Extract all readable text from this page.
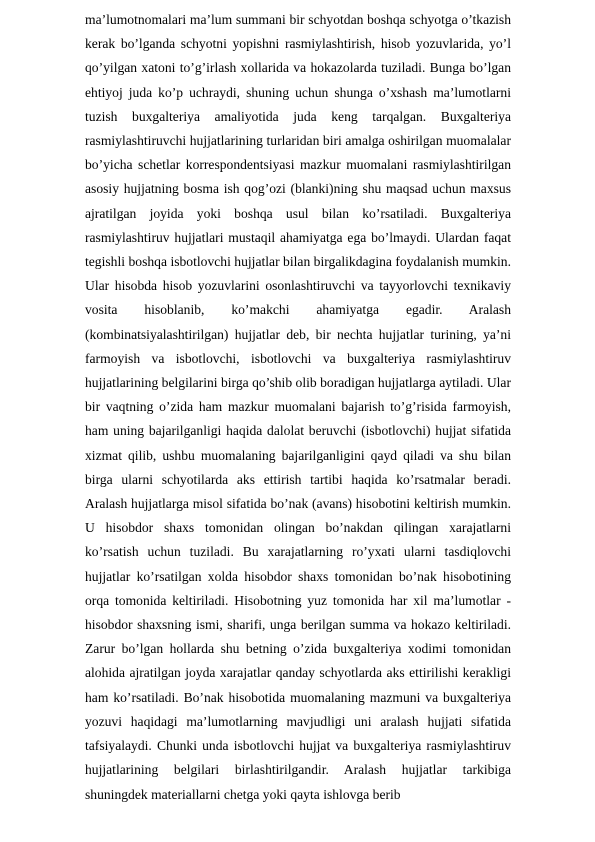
ma’lumotnomalari ma’lum summani bir schyotdan boshqa schyotga o’tkazish kerak bo’lganda schyotni yopishni rasmiylashtirish, hisob yozuvlarida, yo’l qo’yilgan xatoni to’g’irlash xollarida va hokazolarda tuziladi. Bunga bo’lgan ehtiyoj juda ko’p uchraydi, shuning uchun shunga o’xshash ma’lumotlarni tuzish buxgalteriya amaliyotida juda keng tarqalgan. Buxgalteriya rasmiylashtiruvchi hujjatlarining turlaridan biri amalga oshirilgan muomalalar bo’yicha schetlar korrespondentsiyasi mazkur muomalani rasmiylashtirilgan asosiy hujjatning bosma ish qog’ozi (blanki)ning shu maqsad uchun maxsus ajratilgan joyida yoki boshqa usul bilan ko’rsatiladi. Buxgalteriya rasmiylashtiruv hujjatlari mustaqil ahamiyatga ega bo’lmaydi. Ulardan faqat tegishli boshqa isbotlovchi hujjatlar bilan birgalikdagina foydalanish mumkin. Ular hisobda hisob yozuvlarini osonlashtiruvchi va tayyorlovchi texnikaviy vosita hisoblanib, ko’makchi ahamiyatga egadir. Aralash (kombinatsiyalashtirilgan) hujjatlar deb, bir nechta hujjatlar turining, ya’ni farmoyish va isbotlovchi, isbotlovchi va buxgalteriya rasmiylashtiruv hujjatlarining belgilarini birga qo’shib olib boradigan hujjatlarga aytiladi. Ular bir vaqtning o’zida ham mazkur muomalani bajarish to’g’risida farmoyish, ham uning bajarilganligi haqida dalolat beruvchi (isbotlovchi) hujjat sifatida xizmat qilib, ushbu muomalaning bajarilganligini qayd qiladi va shu bilan birga ularni schyotilarda aks ettirish tartibi haqida ko’rsatmalar beradi. Aralash hujjatlarga misol sifatida bo’nak (avans) hisobotini keltirish mumkin. U hisobdor shaxs tomonidan olingan bo’nakdan qilingan xarajatlarni ko’rsatish uchun tuziladi. Bu xarajatlarning ro’yxati ularni tasdiqlovchi hujjatlar ko’rsatilgan xolda hisobdor shaxs tomonidan bo’nak hisobotining orqa tomonida keltiriladi. Hisobotning yuz tomonida har xil ma’lumotlar - hisobdor shaxsning ismi, sharifi, unga berilgan summa va hokazo keltiriladi. Zarur bo’lgan hollarda shu betning o’zida buxgalteriya xodimi tomonidan alohida ajratilgan joyda xarajatlar qanday schyotlarda aks ettirilishi kerakligi ham ko’rsatiladi. Bo’nak hisobotida muomalaning mazmuni va buxgalteriya yozuvi haqidagi ma’lumotlarning mavjudligi uni aralash hujjati sifatida tafsiyalaydi. Chunki unda isbotlovchi hujjat va buxgalteriya rasmiylashtiruv hujjatlarining belgilari birlashtirilgandir. Aralash hujjatlar tarkibiga shuningdek materiallarni chetga yoki qayta ishlovga berib
